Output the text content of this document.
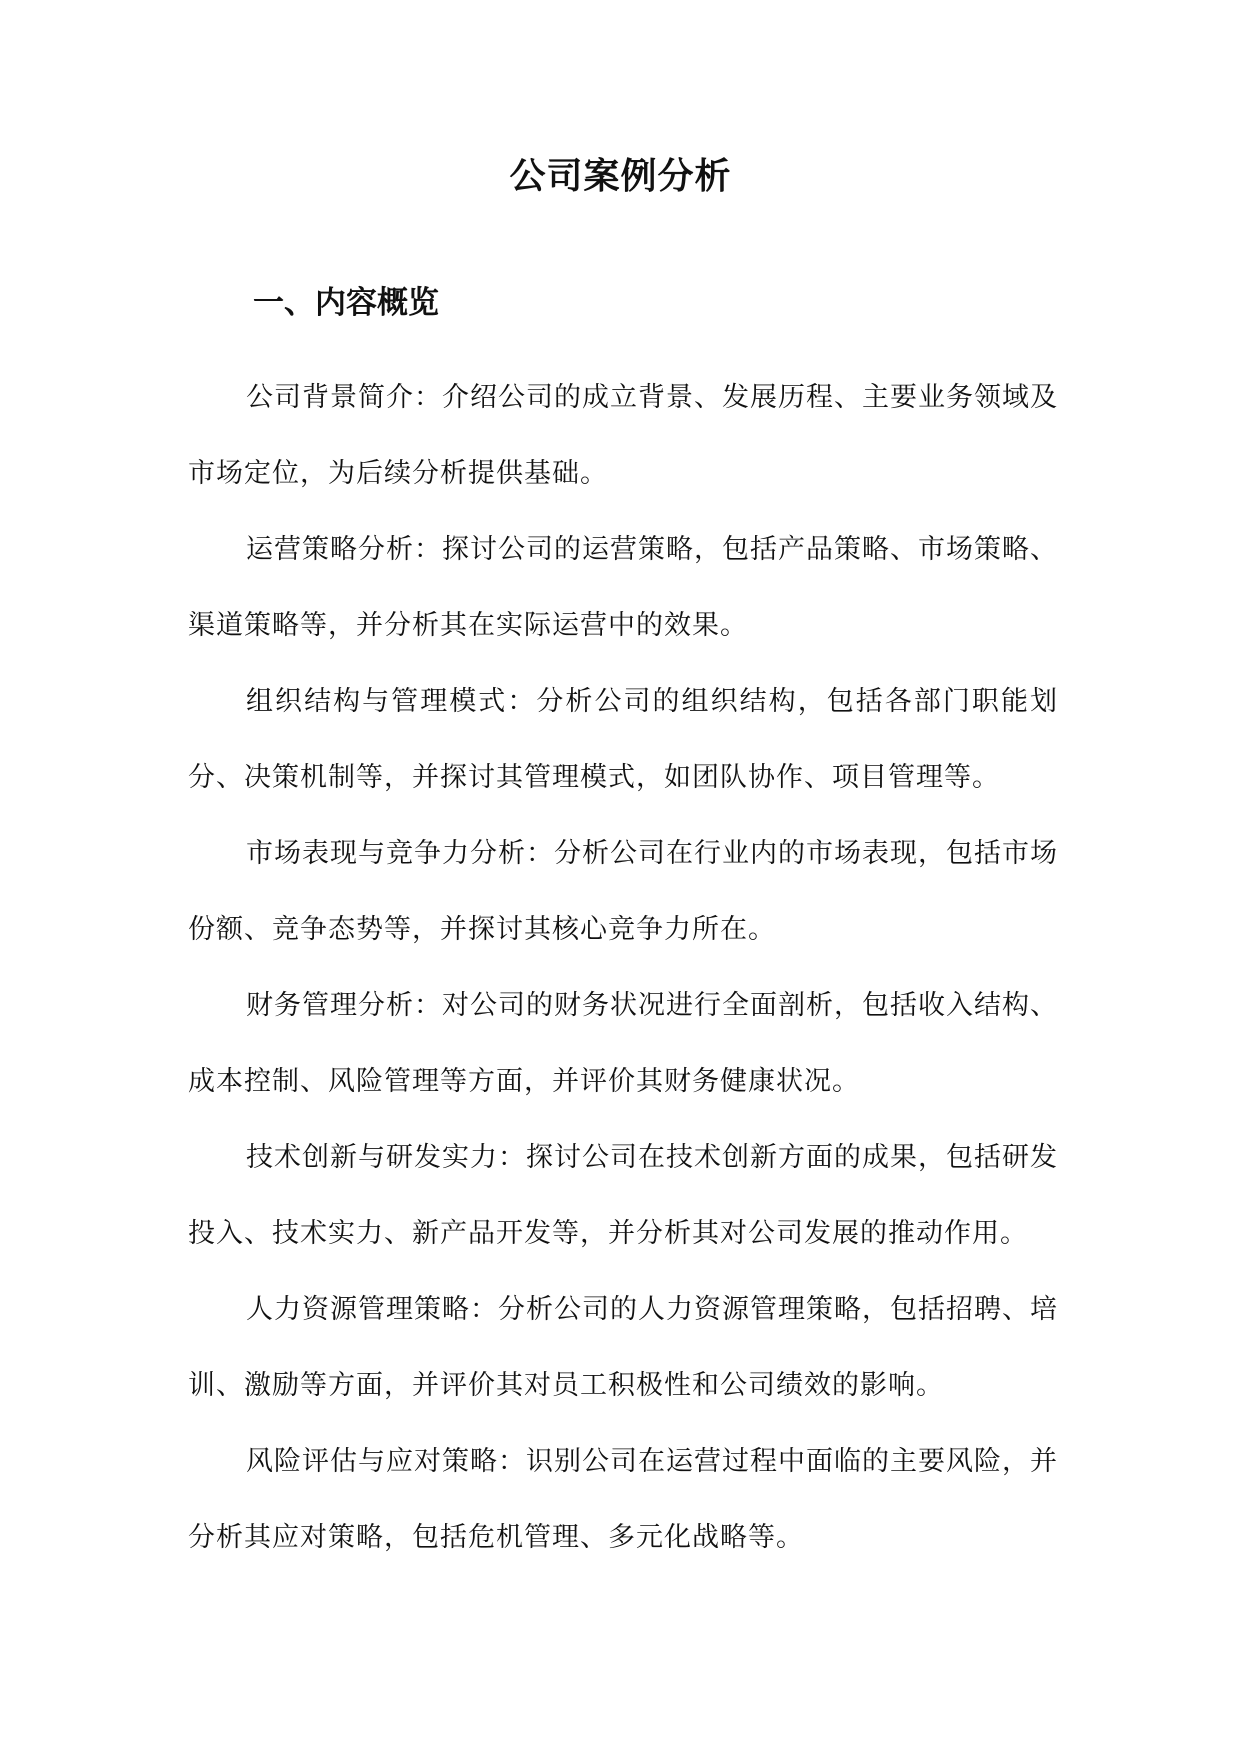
公司案例分析
一、内容概览

公司背景简介：介绍公司的成立背景、发展历程、主要业务领域及市场定位，为后续分析提供基础。

运营策略分析：探讨公司的运营策略，包括产品策略、市场策略、渠道策略等，并分析其在实际运营中的效果。

组织结构与管理模式：分析公司的组织结构，包括各部门职能划分、决策机制等，并探讨其管理模式，如团队协作、项目管理等。

市场表现与竞争力分析：分析公司在行业内的市场表现，包括市场份额、竞争态势等，并探讨其核心竞争力所在。

财务管理分析：对公司的财务状况进行全面剖析，包括收入结构、成本控制、风险管理等方面，并评价其财务健康状况。

技术创新与研发实力：探讨公司在技术创新方面的成果，包括研发投入、技术实力、新产品开发等，并分析其对公司发展的推动作用。

人力资源管理策略：分析公司的人力资源管理策略，包括招聘、培训、激励等方面，并评价其对员工积极性和公司绩效的影响。

风险评估与应对策略：识别公司在运营过程中面临的主要风险，并分析其应对策略，包括危机管理、多元化战略等。
